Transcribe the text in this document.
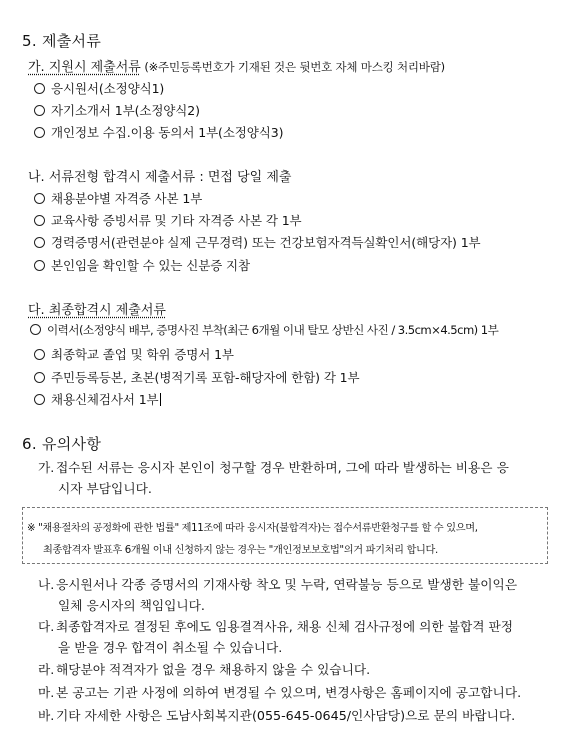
5. 제출서류
가. 지원시 제출서류 (※주민등록번호가 기재된 것은 뒷번호 자체 마스킹 처리바람)
응시원서(소정양식1)
자기소개서 1부(소정양식2)
개인정보 수집.이용 동의서 1부(소정양식3)
나. 서류전형 합격시 제출서류 : 면접 당일 제출
채용분야별 자격증 사본 1부
교육사항 증빙서류 및 기타 자격증 사본 각 1부
경력증명서(관련분야 실제 근무경력) 또는 건강보험자격득실확인서(해당자) 1부
본인임을 확인할 수 있는 신분증 지참
다. 최종합격시 제출서류
이력서(소정양식 배부, 증명사진 부착(최근 6개월 이내 탈모 상반신 사진 / 3.5cm×4.5cm) 1부
최종학교 졸업 및 학위 증명서 1부
주민등록등본, 초본(병적기록 포함-해당자에 한함) 각 1부
채용신체검사서 1부
6. 유의사항
가. 접수된 서류는 응시자 본인이 청구할 경우 반환하며, 그에 따라 발생하는 비용은 응
시자 부담입니다.
※ "채용절차의 공정화에 관한 법률" 제11조에 따라 응시자(불합격자)는 접수서류반환청구를 할 수 있으며,
최종합격자 발표후 6개월 이내 신청하지 않는 경우는 "개인정보보호법"의거 파기처리 합니다.
나. 응시원서나 각종 증명서의 기재사항 착오 및 누락, 연락불능 등으로 발생한 불이익은
일체 응시자의 책임입니다.
다. 최종합격자로 결정된 후에도 임용결격사유, 채용 신체 검사규정에 의한 불합격 판정
을 받을 경우 합격이 취소될 수 있습니다.
라. 해당분야 적격자가 없을 경우 채용하지 않을 수 있습니다.
마. 본 공고는 기관 사정에 의하여 변경될 수 있으며, 변경사항은 홈페이지에 공고합니다.
바. 기타 자세한 사항은 도남사회복지관(055-645-0645/인사담당)으로 문의 바랍니다.
